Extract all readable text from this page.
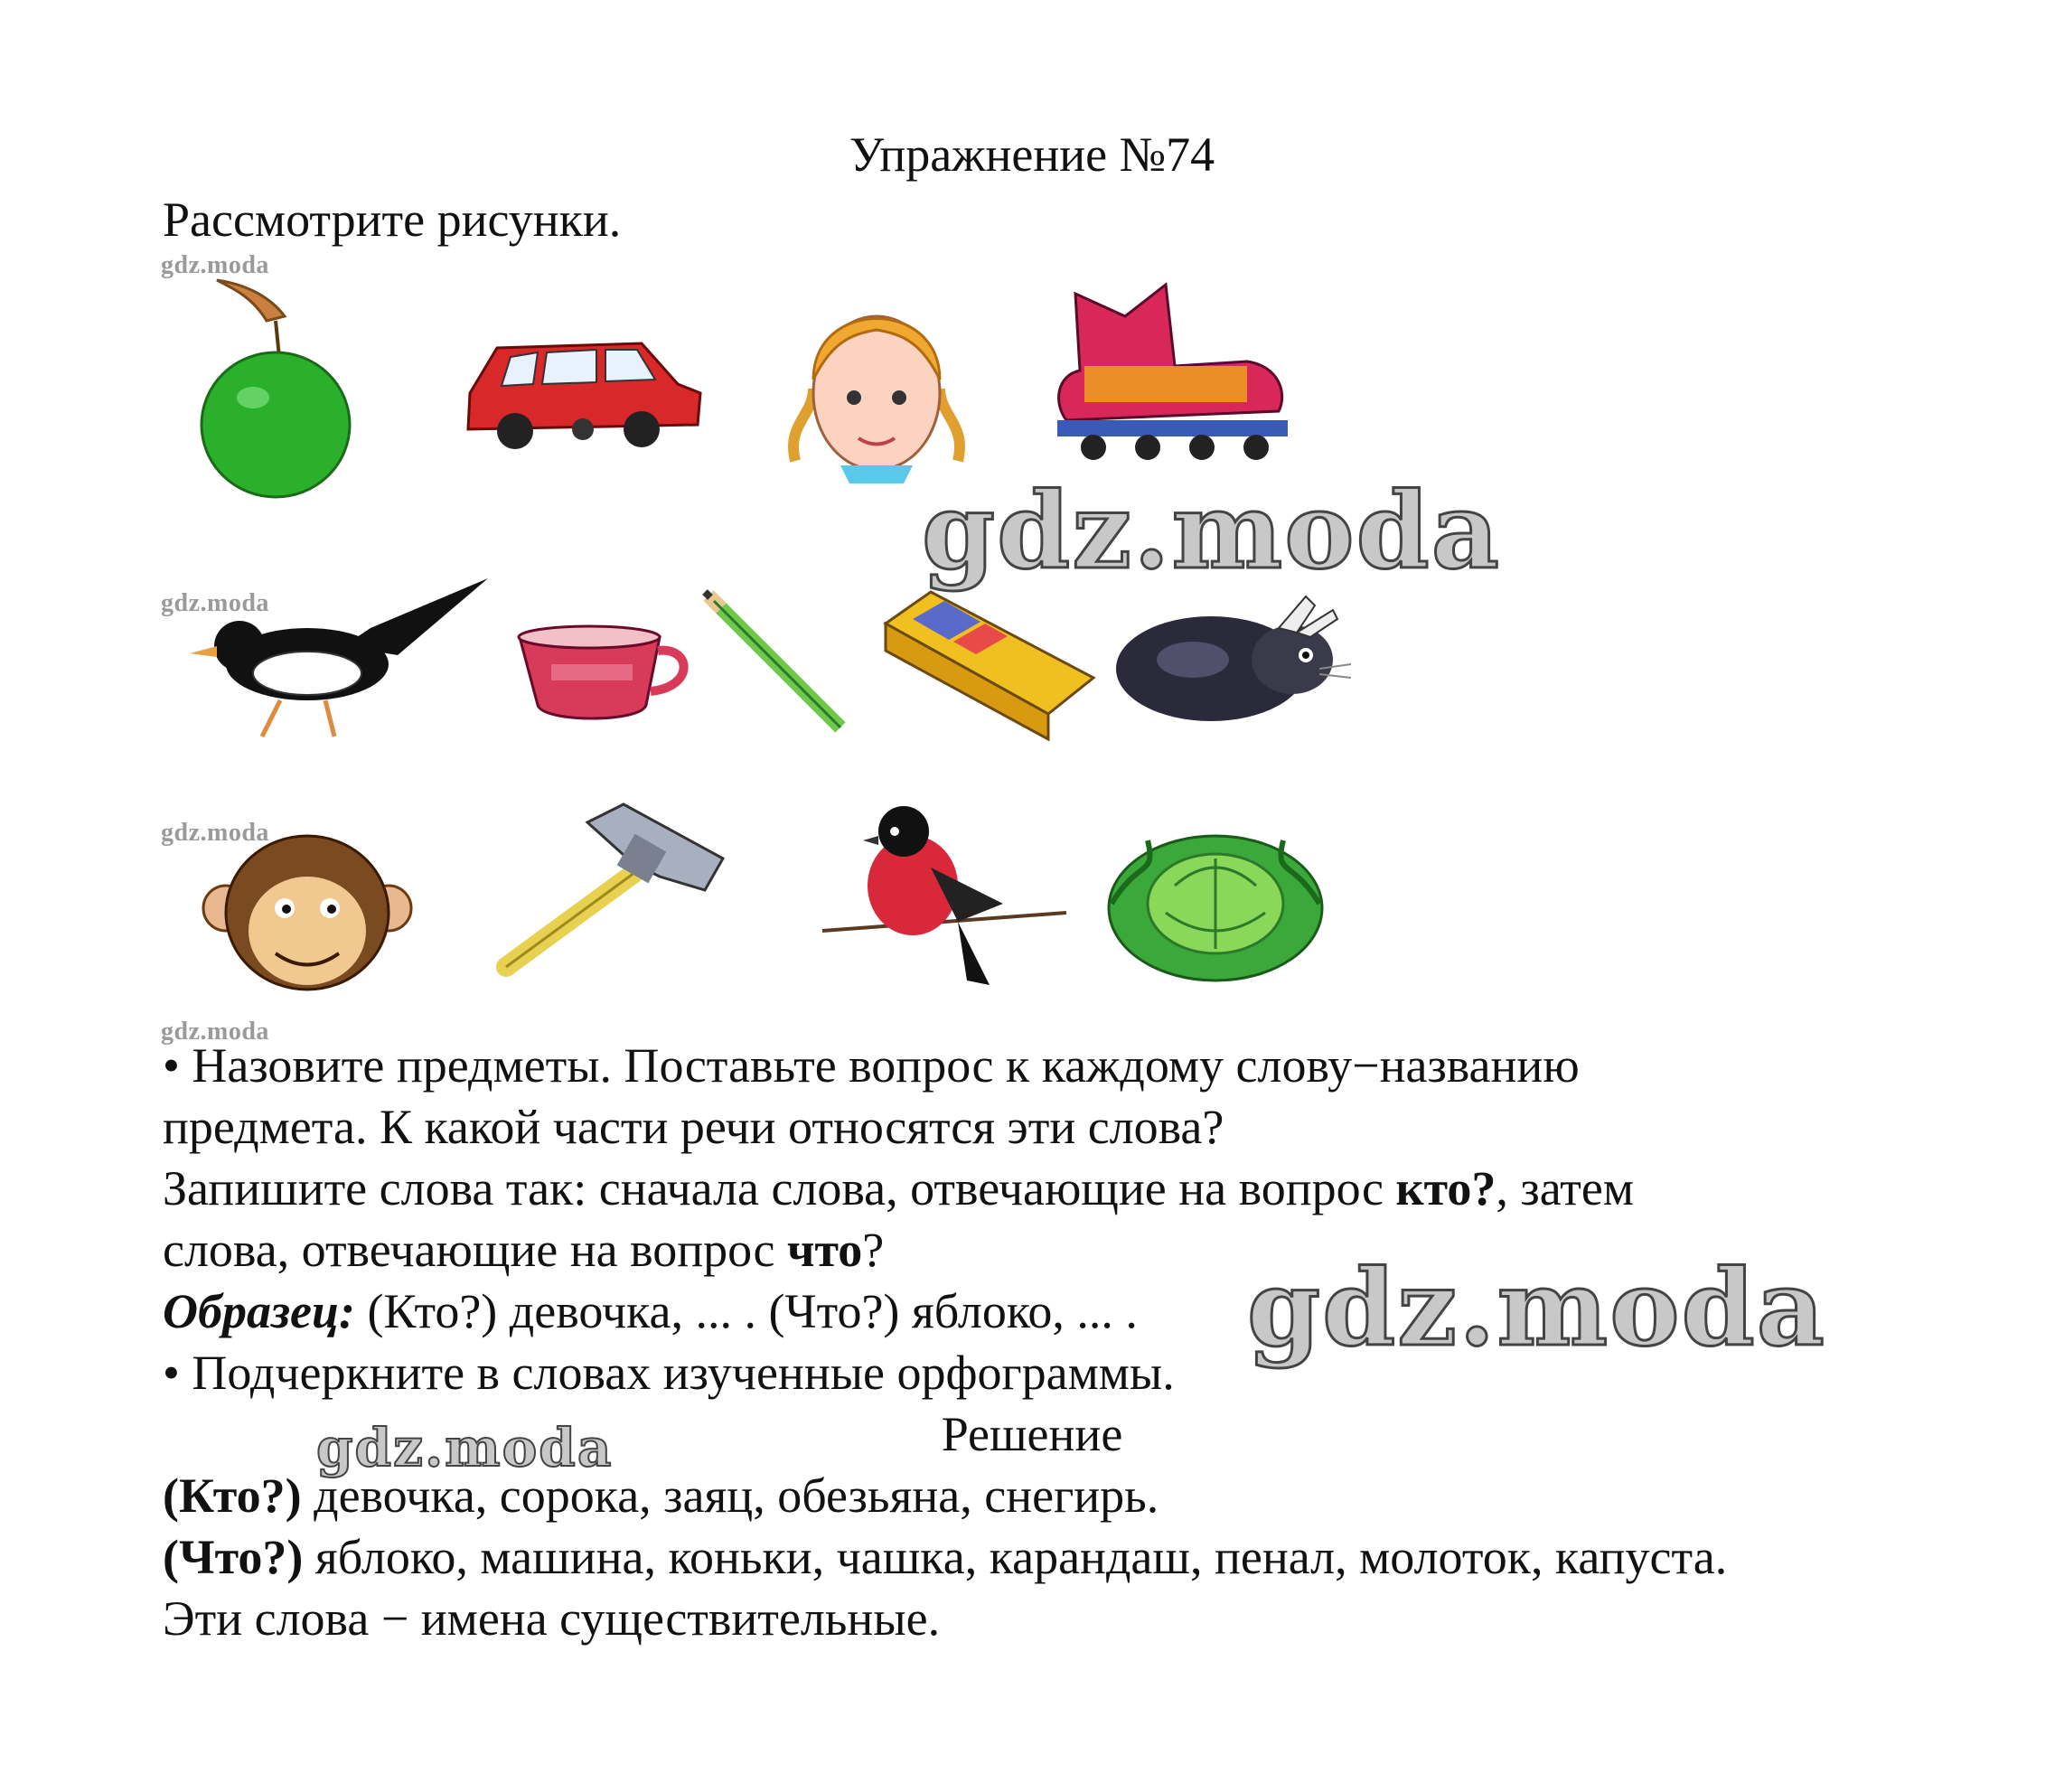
Упражнение №74
Рассмотрите рисунки.
gdz.moda
gdz.moda
gdz.moda
gdz.moda
gdz.moda
gdz.moda
gdz.moda
• Назовите предметы. Поставьте вопрос к каждому слову−названию
предмета. К какой части речи относятся эти слова?
Запишите слова так: сначала слова, отвечающие на вопрос кто?, затем
слова, отвечающие на вопрос что?
Образец: (Кто?) девочка, ... . (Что?) яблоко, ... .
• Подчеркните в словах изученные орфограммы.
Решение
(Кто?) девочка, сорока, заяц, обезьяна, снегирь.
(Что?) яблоко, машина, коньки, чашка, карандаш, пенал, молоток, капуста.
Эти слова − имена существительные.
